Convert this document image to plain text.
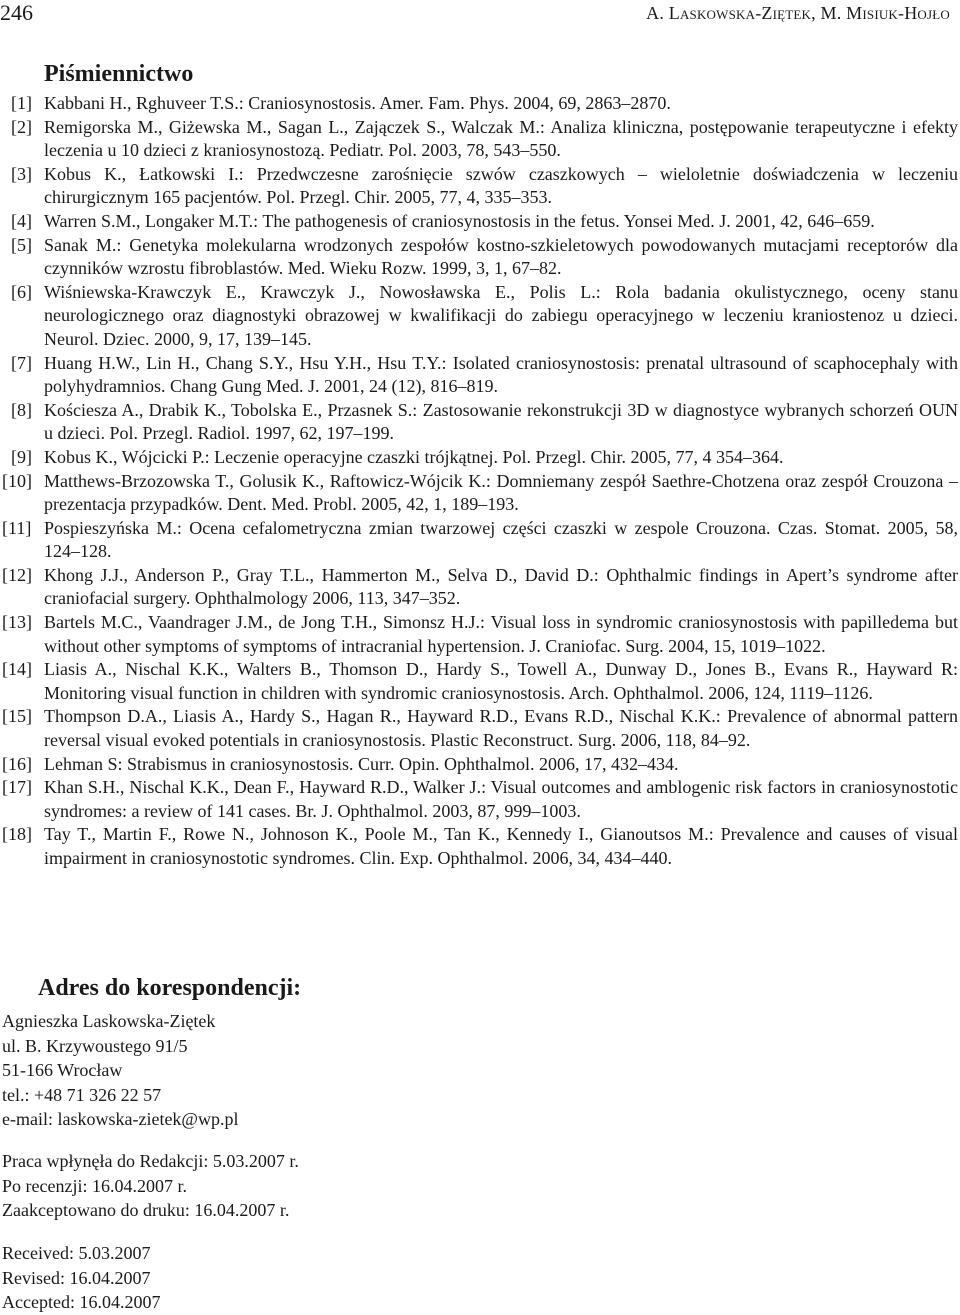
246	A. Laskowska-Ziętek, M. Misiuk-Hojło
Piśmiennictwo
[1] Kabbani H., Rghuveer T.S.: Craniosynostosis. Amer. Fam. Phys. 2004, 69, 2863–2870.
[2] Remigorska M., Giżewska M., Sagan L., Zajączek S., Walczak M.: Analiza kliniczna, postępowanie terapeutyczne i efekty leczenia u 10 dzieci z kraniosynostozą. Pediatr. Pol. 2003, 78, 543–550.
[3] Kobus K., Łatkowski I.: Przedwczesne zarośnięcie szwów czaszkowych – wieloletnie doświadczenia w leczeniu chirurgicznym 165 pacjentów. Pol. Przegl. Chir. 2005, 77, 4, 335–353.
[4] Warren S.M., Longaker M.T.: The pathogenesis of craniosynostosis in the fetus. Yonsei Med. J. 2001, 42, 646–659.
[5] Sanak M.: Genetyka molekularna wrodzonych zespołów kostno-szkieletowych powodowanych mutacjami receptorów dla czynników wzrostu fibroblastów. Med. Wieku Rozw. 1999, 3, 1, 67–82.
[6] Wiśniewska-Krawczyk E., Krawczyk J., Nowosławska E., Polis L.: Rola badania okulistycznego, oceny stanu neurologicznego oraz diagnostyki obrazowej w kwalifikacji do zabiegu operacyjnego w leczeniu kraniostenoz u dzieci. Neurol. Dziec. 2000, 9, 17, 139–145.
[7] Huang H.W., Lin H., Chang S.Y., Hsu Y.H., Hsu T.Y.: Isolated craniosynostosis: prenatal ultrasound of scaphocephaly with polyhydramnios. Chang Gung Med. J. 2001, 24 (12), 816–819.
[8] Kościesza A., Drabik K., Tobolska E., Przasnek S.: Zastosowanie rekonstrukcji 3D w diagnostyce wybranych schorzeń OUN u dzieci. Pol. Przegl. Radiol. 1997, 62, 197–199.
[9] Kobus K., Wójcicki P.: Leczenie operacyjne czaszki trójkątnej. Pol. Przegl. Chir. 2005, 77, 4 354–364.
[10] Matthews-Brzozowska T., Golusik K., Raftowicz-Wójcik K.: Domniemany zespół Saethre-Chotzena oraz zespół Crouzona – prezentacja przypadków. Dent. Med. Probl. 2005, 42, 1, 189–193.
[11] Pospieszyńska M.: Ocena cefalometryczna zmian twarzowej części czaszki w zespole Crouzona. Czas. Stomat. 2005, 58, 124–128.
[12] Khong J.J., Anderson P., Gray T.L., Hammerton M., Selva D., David D.: Ophthalmic findings in Apert’s syndrome after craniofacial surgery. Ophthalmology 2006, 113, 347–352.
[13] Bartels M.C., Vaandrager J.M., de Jong T.H., Simonsz H.J.: Visual loss in syndromic craniosynostosis with papilledema but without other symptoms of symptoms of intracranial hypertension. J. Craniofac. Surg. 2004, 15, 1019–1022.
[14] Liasis A., Nischal K.K., Walters B., Thomson D., Hardy S., Towell A., Dunway D., Jones B., Evans R., Hayward R: Monitoring visual function in children with syndromic craniosynostosis. Arch. Ophthalmol. 2006, 124, 1119–1126.
[15] Thompson D.A., Liasis A., Hardy S., Hagan R., Hayward R.D., Evans R.D., Nischal K.K.: Prevalence of abnormal pattern reversal visual evoked potentials in craniosynostosis. Plastic Reconstruct. Surg. 2006, 118, 84–92.
[16] Lehman S: Strabismus in craniosynostosis. Curr. Opin. Ophthalmol. 2006, 17, 432–434.
[17] Khan S.H., Nischal K.K., Dean F., Hayward R.D., Walker J.: Visual outcomes and amblogenic risk factors in craniosynostotic syndromes: a review of 141 cases. Br. J. Ophthalmol. 2003, 87, 999–1003.
[18] Tay T., Martin F., Rowe N., Johnoson K., Poole M., Tan K., Kennedy I., Gianoutsos M.: Prevalence and causes of visual impairment in craniosynostotic syndromes. Clin. Exp. Ophthalmol. 2006, 34, 434–440.
Adres do korespondencji:
Agnieszka Laskowska-Ziętek
ul. B. Krzywoustego 91/5
51-166 Wrocław
tel.: +48 71 326 22 57
e-mail: laskowska-zietek@wp.pl
Praca wpłynęła do Redakcji: 5.03.2007 r.
Po recenzji: 16.04.2007 r.
Zaakceptowano do druku: 16.04.2007 r.
Received: 5.03.2007
Revised: 16.04.2007
Accepted: 16.04.2007
